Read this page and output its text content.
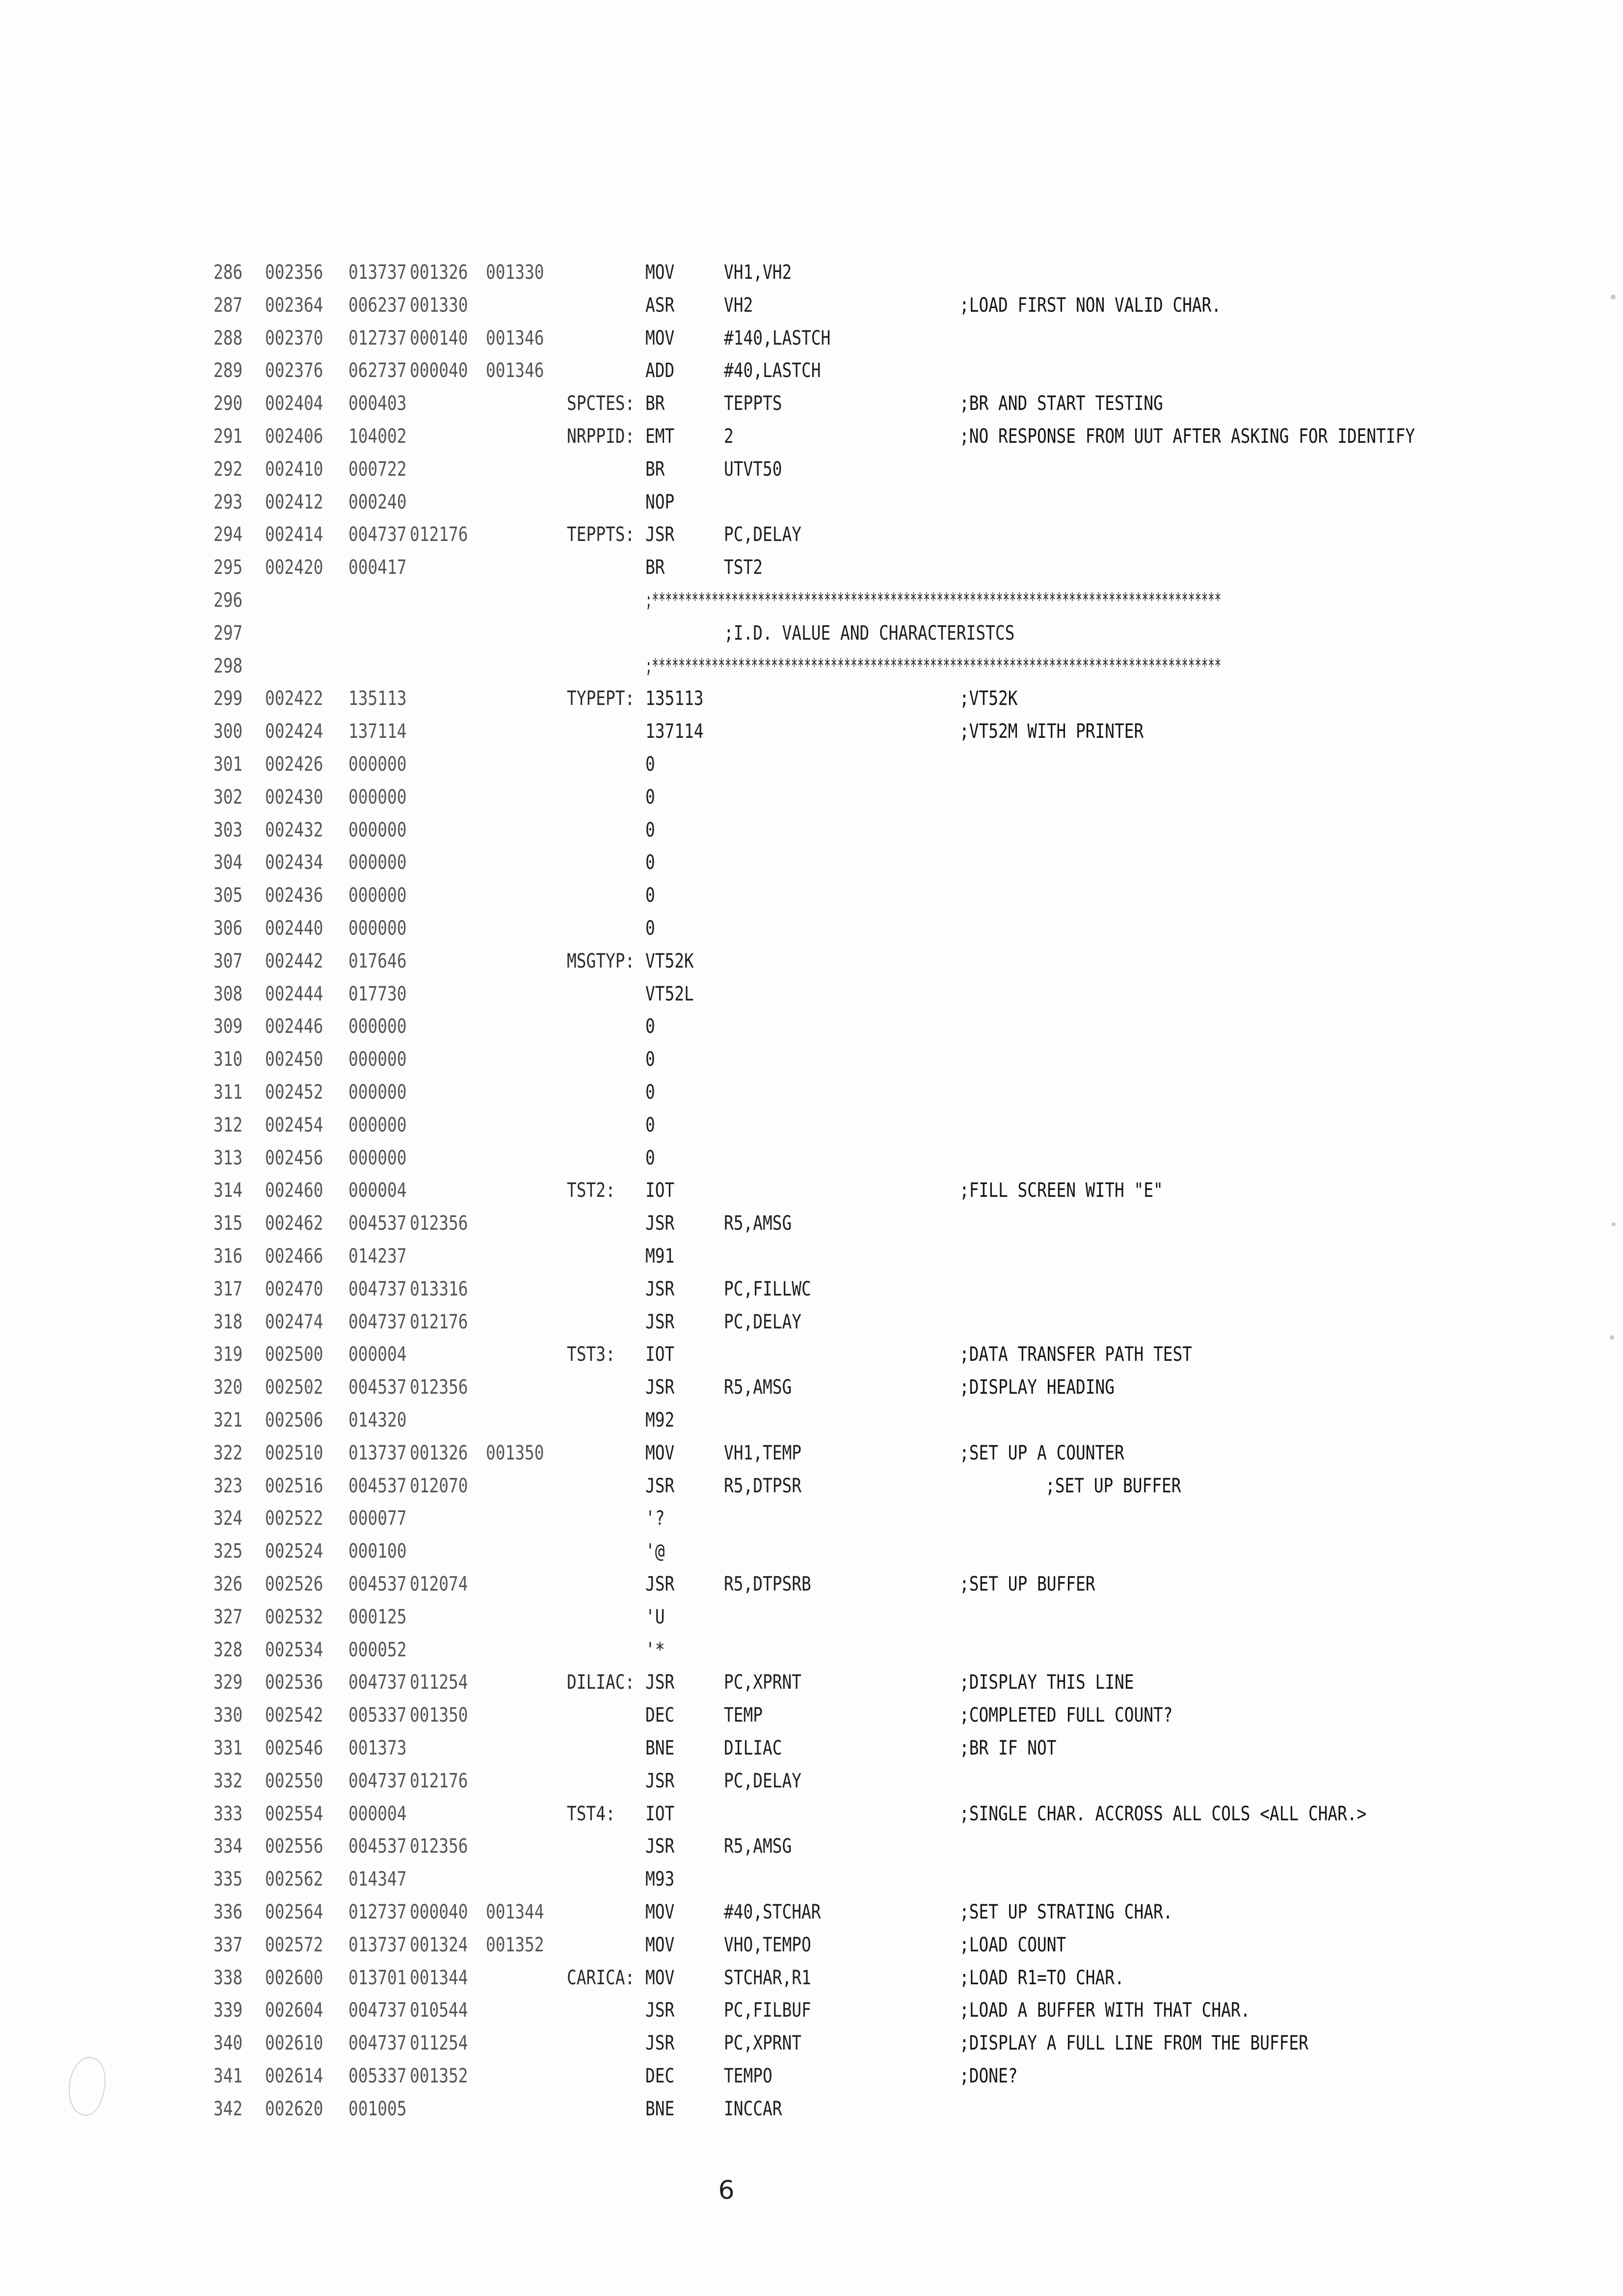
286 002356 013737 001326 001330	MOV	VH1,VH2
287 002364 006237 001330	ASR	VH2	;LOAD FIRST NON VALID CHAR.
288 002370 012737 000140 001346	MOV	#140,LASTCH
289 002376 062737 000040 001346	ADD	#40,LASTCH
290 002404 000403	SPCTES: BR	TEPPTS	;BR AND START TESTING
291 002406 104002	NRPPID: EMT	2	;NO RESPONSE FROM UUT AFTER ASKING FOR IDENTIFY
292 002410 000722	BR	UTVT50
293 002412 000240	NOP
294 002414 004737 012176	TEPPTS: JSR	PC,DELAY
295 002420 000417	BR	TST2
296	;**************************************************************************************
297	;I.D. VALUE AND CHARACTERISTCS
298	;**************************************************************************************
299 002422 135113	TYPEPT: 135113	;VT52K
300 002424 137114	137114	;VT52M WITH PRINTER
301 002426 000000	0
302 002430 000000	0
303 002432 000000	0
304 002434 000000	0
305 002436 000000	0
306 002440 000000	0
307 002442 017646	MSGTYP: VT52K
308 002444 017730	VT52L
309 002446 000000	0
310 002450 000000	0
311 002452 000000	0
312 002454 000000	0
313 002456 000000	0
314 002460 000004	TST2: IOT	;FILL SCREEN WITH "E"
315 002462 004537 012356	JSR	R5,AMSG
316 002466 014237	M91
317 002470 004737 013316	JSR	PC,FILLWC
318 002474 004737 012176	JSR	PC,DELAY
319 002500 000004	TST3: IOT	;DATA TRANSFER PATH TEST
320 002502 004537 012356	JSR	R5,AMSG	;DISPLAY HEADING
321 002506 014320	M92
322 002510 013737 001326 001350	MOV	VH1,TEMP	;SET UP A COUNTER
323 002516 004537 012070	JSR	R5,DTPSR	;SET UP BUFFER
324 002522 000077	'?
325 002524 000100	'@
326 002526 004537 012074	JSR	R5,DTPSRB	;SET UP BUFFER
327 002532 000125	'U
328 002534 000052	'*
329 002536 004737 011254	DILIAC: JSR	PC,XPRNT	;DISPLAY THIS LINE
330 002542 005337 001350	DEC	TEMP	;COMPLETED FULL COUNT?
331 002546 001373	BNE	DILIAC	;BR IF NOT
332 002550 004737 012176	JSR	PC,DELAY
333 002554 000004	TST4: IOT	;SINGLE CHAR. ACCROSS ALL COLS <ALL CHAR.>
334 002556 004537 012356	JSR	R5,AMSG
335 002562 014347	M93
336 002564 012737 000040 001344	MOV	#40,STCHAR	;SET UP STRATING CHAR.
337 002572 013737 001324 001352	MOV	VHO,TEMPO	;LOAD COUNT
338 002600 013701 001344	CARICA: MOV	STCHAR,R1	;LOAD R1=TO CHAR.
339 002604 004737 010544	JSR	PC,FILBUF	;LOAD A BUFFER WITH THAT CHAR.
340 002610 004737 011254	JSR	PC,XPRNT	;DISPLAY A FULL LINE FROM THE BUFFER
341 002614 005337 001352	DEC	TEMPO	;DONE?
342 002620 001005	BNE	INCCAR
6
